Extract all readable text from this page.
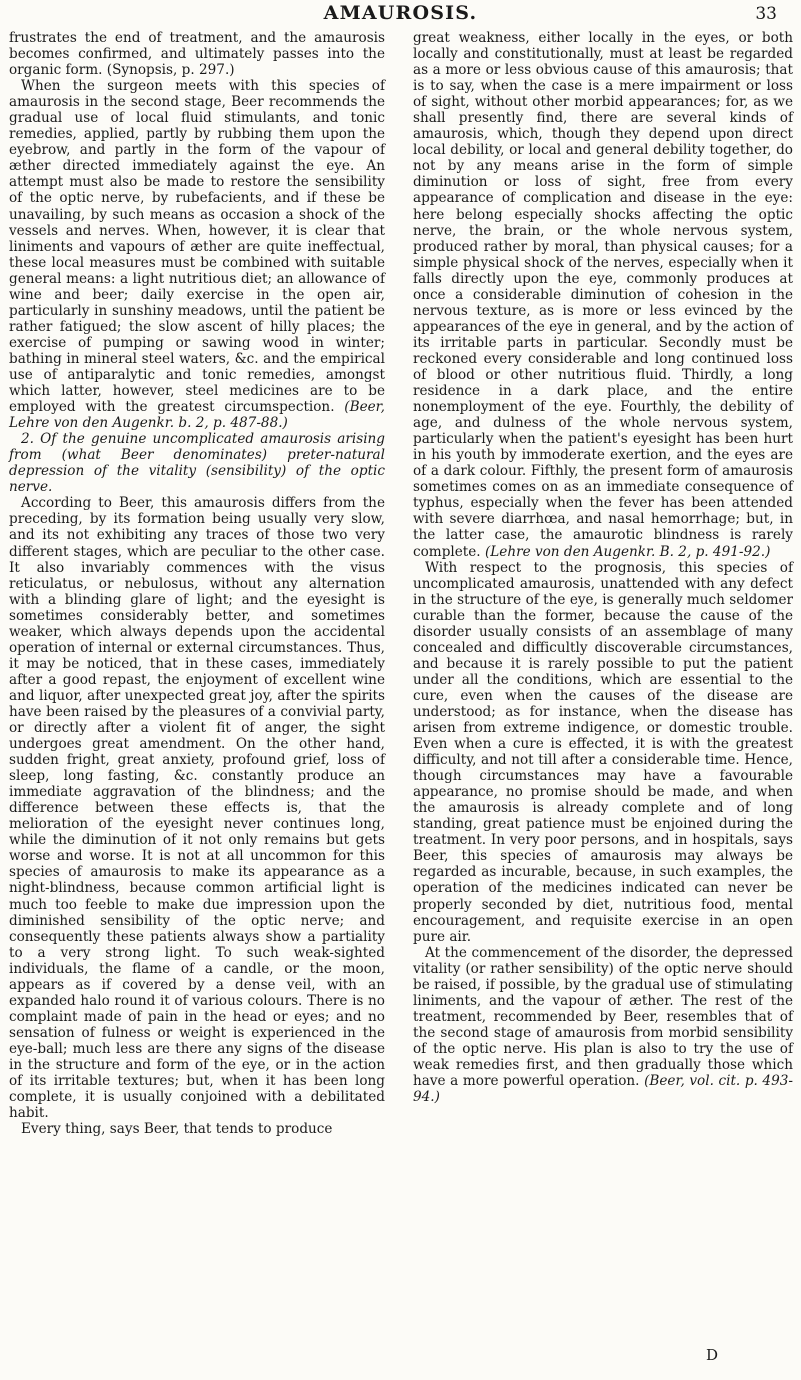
AMAUROSIS.	33

frustrates the end of treatment, and the amaurosis becomes confirmed, and ultimately passes into the organic form. (Synopsis, p. 297.)

When the surgeon meets with this species of amaurosis in the second stage, Beer recommends the gradual use of local fluid stimulants, and tonic remedies, applied, partly by rubbing them upon the eyebrow, and partly in the form of the vapour of æther directed immediately against the eye. An attempt must also be made to restore the sensibility of the optic nerve, by rubefacients, and if these be unavailing, by such means as occasion a shock of the vessels and nerves. When, however, it is clear that liniments and vapours of æther are quite ineffectual, these local measures must be combined with suitable general means: a light nutritious diet; an allowance of wine and beer; daily exercise in the open air, particularly in sunshiny meadows, until the patient be rather fatigued; the slow ascent of hilly places; the exercise of pumping or sawing wood in winter; bathing in mineral steel waters, &c. and the empirical use of antiparalytic and tonic remedies, amongst which latter, however, steel medicines are to be employed with the greatest circumspection. (Beer, Lehre von den Augenkr. b. 2, p. 487-88.)

2. Of the genuine uncomplicated amaurosis arising from (what Beer denominates) preter-natural depression of the vitality (sensibility) of the optic nerve.

According to Beer, this amaurosis differs from the preceding, by its formation being usually very slow, and its not exhibiting any traces of those two very different stages, which are peculiar to the other case. It also invariably commences with the visus reticulatus, or nebulosus, without any alternation with a blinding glare of light; and the eyesight is sometimes considerably better, and sometimes weaker, which always depends upon the accidental operation of internal or external circumstances. Thus, it may be noticed, that in these cases, immediately after a good repast, the enjoyment of excellent wine and liquor, after unexpected great joy, after the spirits have been raised by the pleasures of a convivial party, or directly after a violent fit of anger, the sight undergoes great amendment. On the other hand, sudden fright, great anxiety, profound grief, loss of sleep, long fasting, &c. constantly produce an immediate aggravation of the blindness; and the difference between these effects is, that the melioration of the eyesight never continues long, while the diminution of it not only remains but gets worse and worse. It is not at all uncommon for this species of amaurosis to make its appearance as a night-blindness, because common artificial light is much too feeble to make due impression upon the diminished sensibility of the optic nerve; and consequently these patients always show a partiality to a very strong light. To such weak-sighted individuals, the flame of a candle, or the moon, appears as if covered by a dense veil, with an expanded halo round it of various colours. There is no complaint made of pain in the head or eyes; and no sensation of fulness or weight is experienced in the eye-ball; much less are there any signs of the disease in the structure and form of the eye, or in the action of its irritable textures; but, when it has been long complete, it is usually conjoined with a debilitated habit.

Every thing, says Beer, that tends to produce

great weakness, either locally in the eyes, or both locally and constitutionally, must at least be regarded as a more or less obvious cause of this amaurosis; that is to say, when the case is a mere impairment or loss of sight, without other morbid appearances; for, as we shall presently find, there are several kinds of amaurosis, which, though they depend upon direct local debility, or local and general debility together, do not by any means arise in the form of simple diminution or loss of sight, free from every appearance of complication and disease in the eye: here belong especially shocks affecting the optic nerve, the brain, or the whole nervous system, produced rather by moral, than physical causes; for a simple physical shock of the nerves, especially when it falls directly upon the eye, commonly produces at once a considerable diminution of cohesion in the nervous texture, as is more or less evinced by the appearances of the eye in general, and by the action of its irritable parts in particular. Secondly must be reckoned every considerable and long continued loss of blood or other nutritious fluid. Thirdly, a long residence in a dark place, and the entire nonemployment of the eye. Fourthly, the debility of age, and dulness of the whole nervous system, particularly when the patient's eyesight has been hurt in his youth by immoderate exertion, and the eyes are of a dark colour. Fifthly, the present form of amaurosis sometimes comes on as an immediate consequence of typhus, especially when the fever has been attended with severe diarrhœa, and nasal hemorrhage; but, in the latter case, the amaurotic blindness is rarely complete. (Lehre von den Augenkr. B. 2, p. 491-92.)

With respect to the prognosis, this species of uncomplicated amaurosis, unattended with any defect in the structure of the eye, is generally much seldomer curable than the former, because the cause of the disorder usually consists of an assemblage of many concealed and difficultly discoverable circumstances, and because it is rarely possible to put the patient under all the conditions, which are essential to the cure, even when the causes of the disease are understood; as for instance, when the disease has arisen from extreme indigence, or domestic trouble. Even when a cure is effected, it is with the greatest difficulty, and not till after a considerable time. Hence, though circumstances may have a favourable appearance, no promise should be made, and when the amaurosis is already complete and of long standing, great patience must be enjoined during the treatment. In very poor persons, and in hospitals, says Beer, this species of amaurosis may always be regarded as incurable, because, in such examples, the operation of the medicines indicated can never be properly seconded by diet, nutritious food, mental encouragement, and requisite exercise in an open pure air.

At the commencement of the disorder, the depressed vitality (or rather sensibility) of the optic nerve should be raised, if possible, by the gradual use of stimulating liniments, and the vapour of æther. The rest of the treatment, recommended by Beer, resembles that of the second stage of amaurosis from morbid sensibility of the optic nerve. His plan is also to try the use of weak remedies first, and then gradually those which have a more powerful operation. (Beer, vol. cit. p. 493-94.)

D
